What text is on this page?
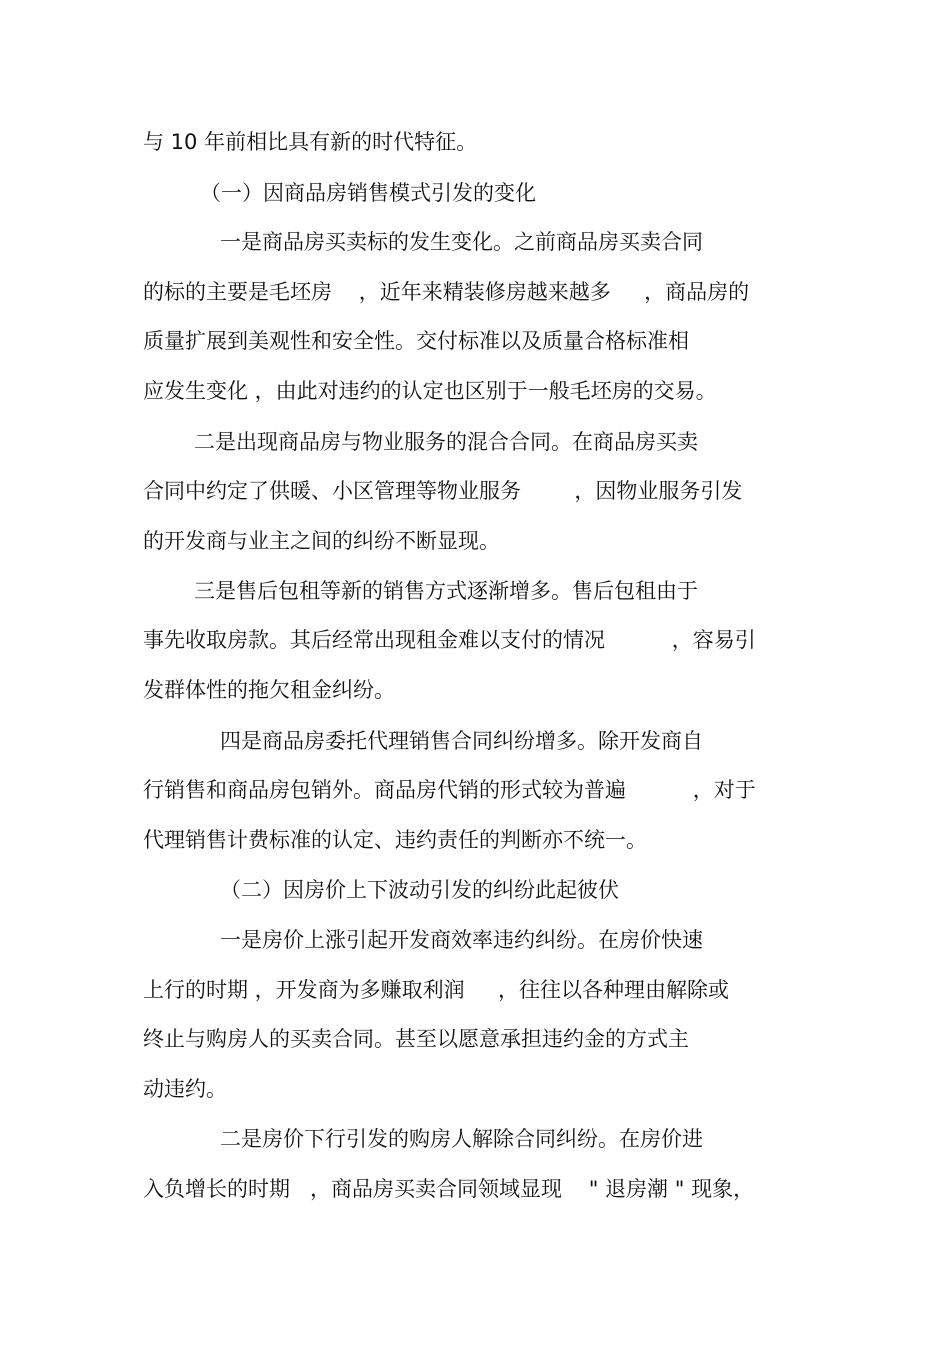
与 10 年前相比具有新的时代特征。
（一）因商品房销售模式引发的变化
一是商品房买卖标的发生变化。之前商品房买卖合同
的标的主要是毛坯房    ，近年来精装修房越来越多     ，商品房的
质量扩展到美观性和安全性。交付标准以及质量合格标准相
应发生变化 ，由此对违约的认定也区别于一般毛坯房的交易。
二是出现商品房与物业服务的混合合同。在商品房买卖
合同中约定了供暖、小区管理等物业服务        ，因物业服务引发
的开发商与业主之间的纠纷不断显现。
三是售后包租等新的销售方式逐渐增多。售后包租由于
事先收取房款。其后经常出现租金难以支付的情况          ，容易引
发群体性的拖欠租金纠纷。
四是商品房委托代理销售合同纠纷增多。除开发商自
行销售和商品房包销外。商品房代销的形式较为普遍          ，对于
代理销售计费标准的认定、违约责任的判断亦不统一。
（二）因房价上下波动引发的纠纷此起彼伏
一是房价上涨引起开发商效率违约纠纷。在房价快速
上行的时期 ，开发商为多赚取利润     ，往往以各种理由解除或
终止与购房人的买卖合同。甚至以愿意承担违约金的方式主
动违约。
二是房价下行引发的购房人解除合同纠纷。在房价进
入负增长的时期   ，商品房买卖合同领域显现    " 退房潮 " 现象，
